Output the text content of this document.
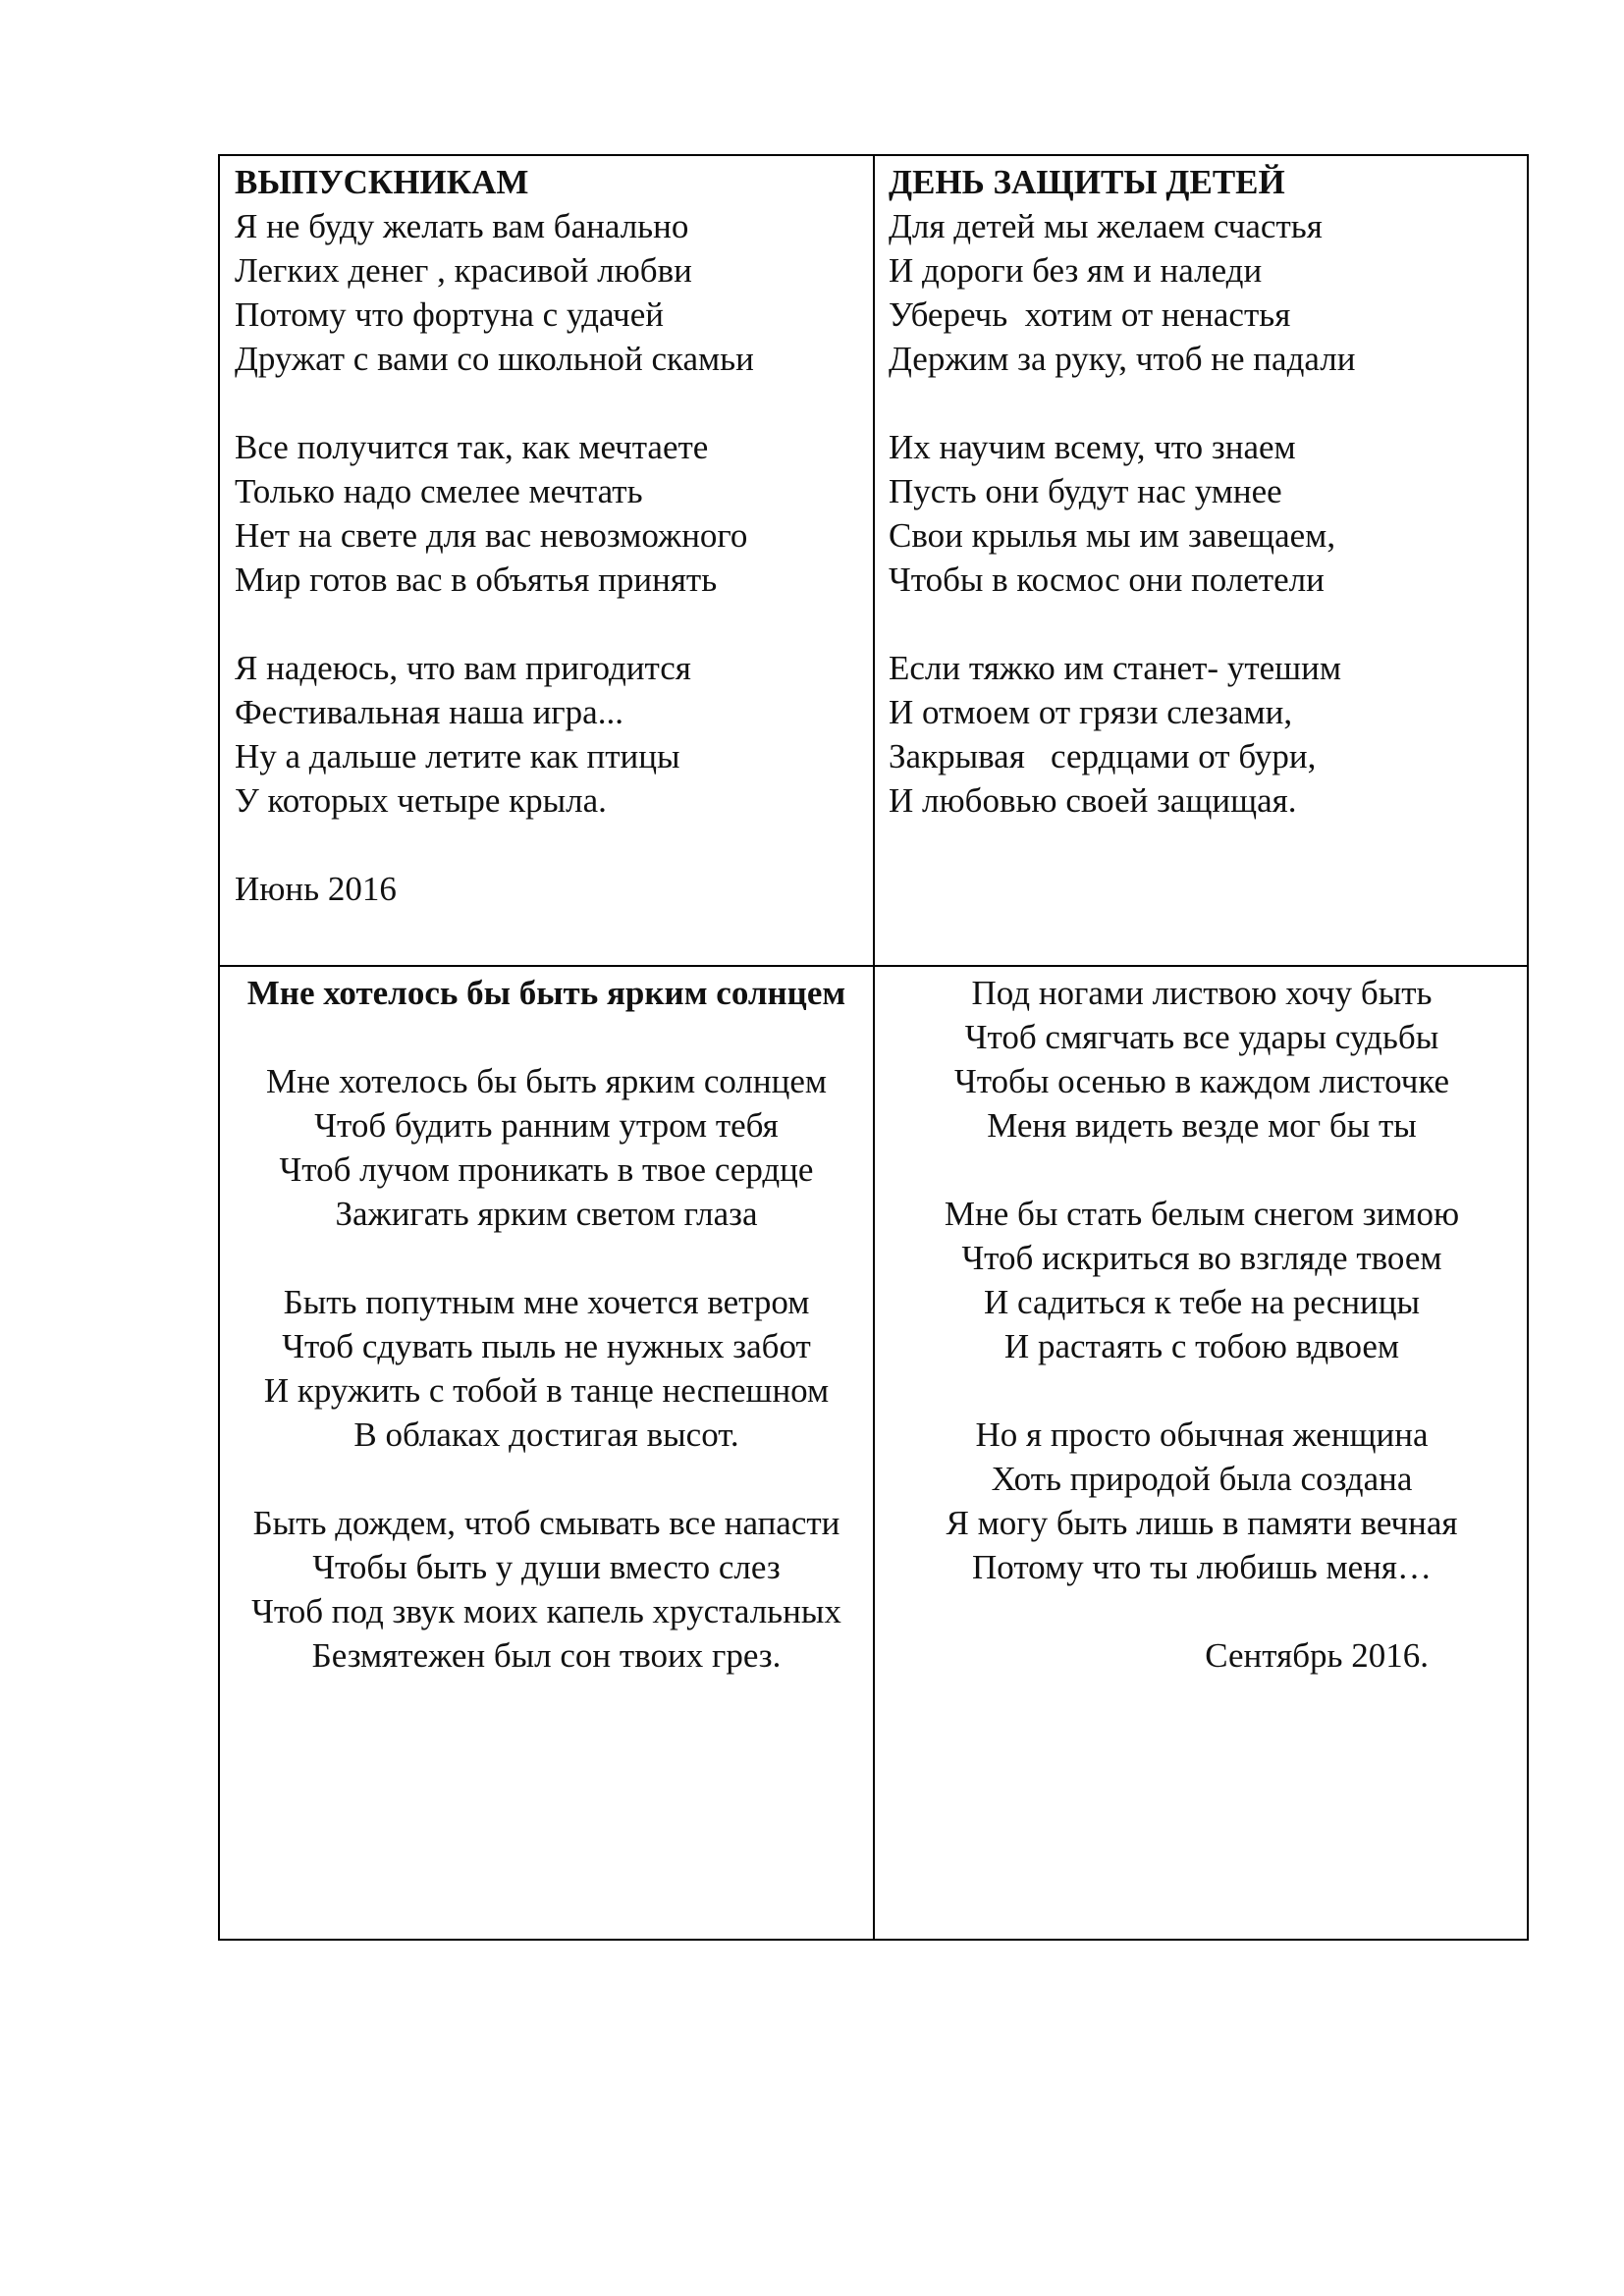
ВЫПУСКНИКАМ
Я не буду желать вам банально
Легких денег , красивой любви
Потому что фортуна с удачей
Дружат с вами со школьной скамьи
Все получится так, как мечтаете
Только надо смелее мечтать
Нет на свете для вас невозможного
Мир готов вас в объятья принять
Я надеюсь, что вам пригодится
Фестивальная наша игра...
Ну а дальше летите как птицы
У которых четыре крыла.
Июнь 2016
ДЕНЬ ЗАЩИТЫ ДЕТЕЙ
Для детей мы желаем счастья
И дороги без ям и наледи
Уберечь  хотим от ненастья
Держим за руку, чтоб не падали
Их научим всему, что знаем
Пусть они будут нас умнее
Свои крылья мы им завещаем,
Чтобы в космос они полетели
Если тяжко им станет- утешим
И отмоем от грязи слезами,
Закрывая   сердцами от бури,
И любовью своей защищая.
Мне хотелось бы быть ярким солнцем
Мне хотелось бы быть ярким солнцем
Чтоб будить ранним утром тебя
Чтоб лучом проникать в твое сердце
Зажигать ярким светом глаза
Быть попутным мне хочется ветром
Чтоб сдувать пыль не нужных забот
И кружить с тобой в танце неспешном
В облаках достигая высот.
Быть дождем, чтоб смывать все напасти
Чтобы быть у души вместо слез
Чтоб под звук моих капель хрустальных
Безмятежен был сон твоих грез.
Под ногами листвою хочу быть
Чтоб смягчать все удары судьбы
Чтобы осенью в каждом листочке
Меня видеть везде мог бы ты
Мне бы стать белым снегом зимою
Чтоб искриться во взгляде твоем
И садиться к тебе на ресницы
И растаять с тобою вдвоем
Но я просто обычная женщина
Хоть природой была создана
Я могу быть лишь в памяти вечная
Потому что ты любишь меня…
Сентябрь 2016.
